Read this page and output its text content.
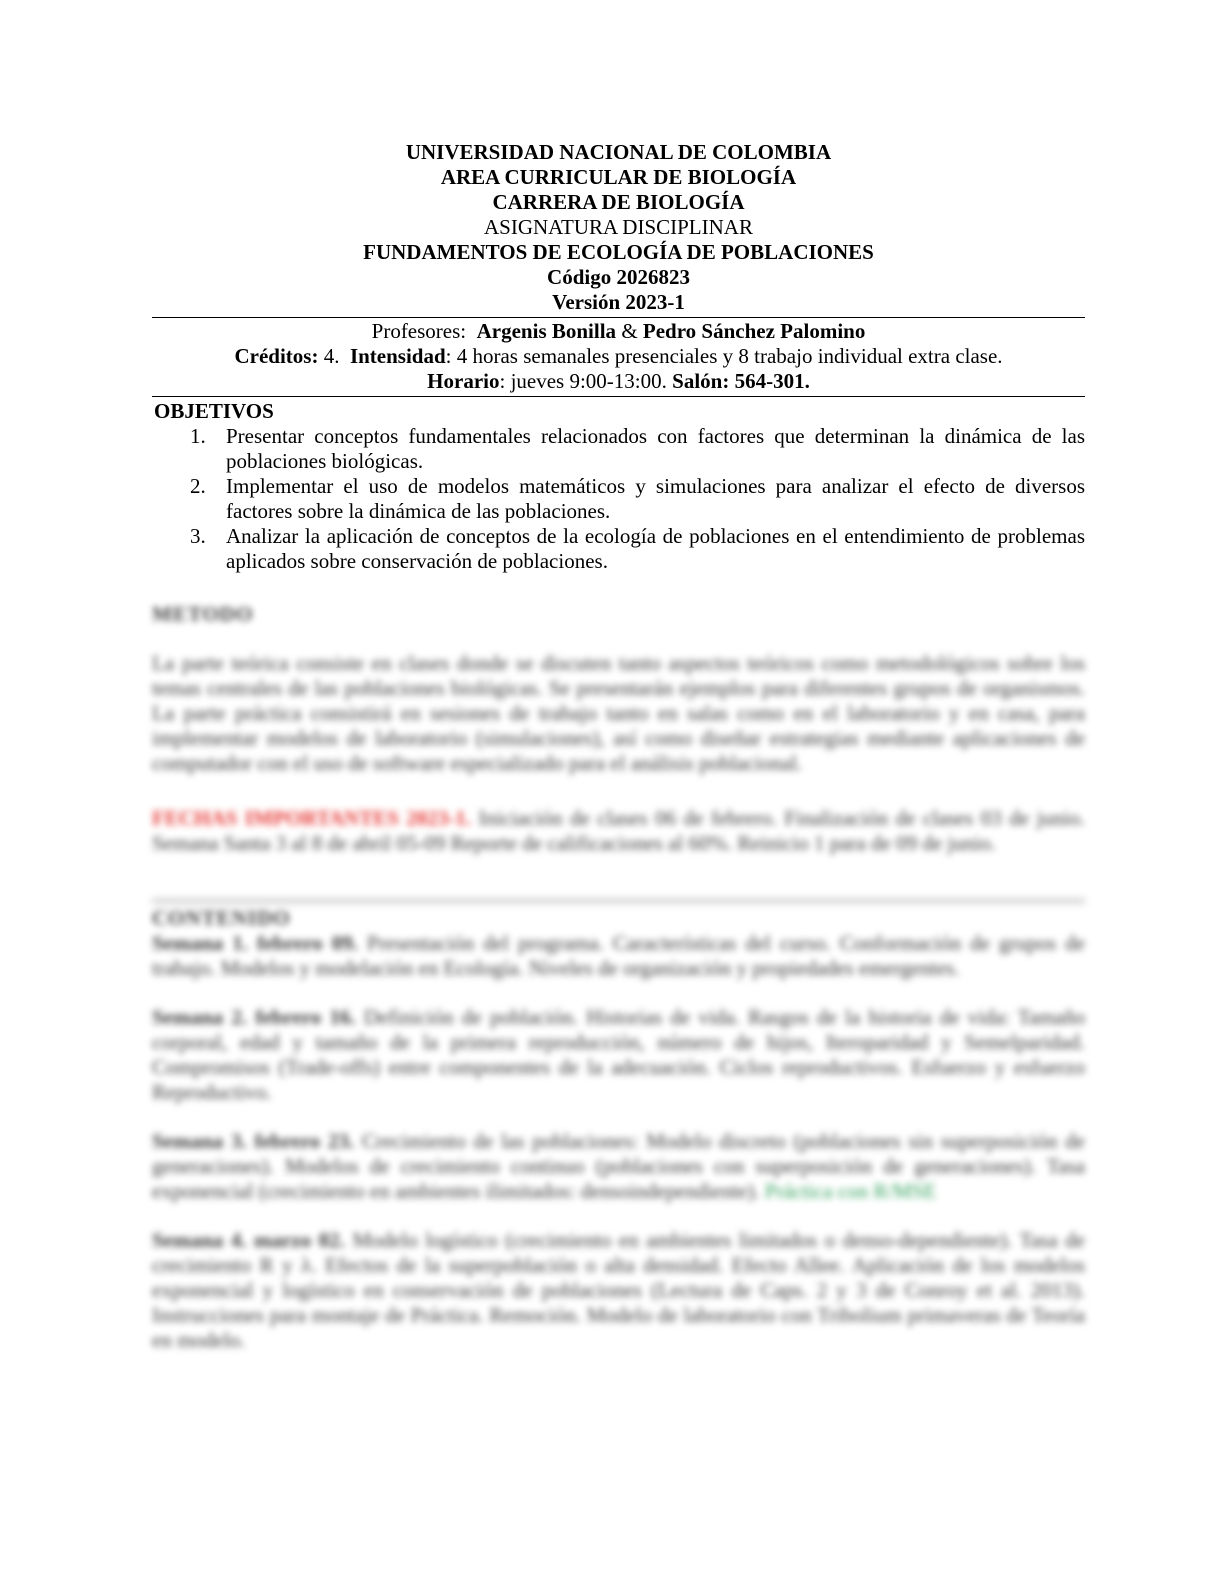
UNIVERSIDAD NACIONAL DE COLOMBIA
AREA CURRICULAR DE BIOLOGÍA
CARRERA DE BIOLOGÍA
ASIGNATURA DISCIPLINAR
FUNDAMENTOS DE ECOLOGÍA DE POBLACIONES
Código 2026823
Versión 2023-1
Profesores: Argenis Bonilla & Pedro Sánchez Palomino
Créditos: 4. Intensidad: 4 horas semanales presenciales y 8 trabajo individual extra clase.
Horario: jueves 9:00-13:00. Salón: 564-301.
OBJETIVOS
1. Presentar conceptos fundamentales relacionados con factores que determinan la dinámica de las poblaciones biológicas.
2. Implementar el uso de modelos matemáticos y simulaciones para analizar el efecto de diversos factores sobre la dinámica de las poblaciones.
3. Analizar la aplicación de conceptos de la ecología de poblaciones en el entendimiento de problemas aplicados sobre conservación de poblaciones.
METODO
La parte teórica consiste en clases donde se discuten tanto aspectos teóricos como metodológicos sobre los temas centrales de las poblaciones biológicas. Se presentarán ejemplos para diferentes grupos de organismos. La parte práctica consistirá en sesiones de trabajo tanto en salas como en el laboratorio y en casa, para implementar modelos de laboratorio (simulaciones), así como diseñar estrategias mediante aplicaciones de computador con el uso de software especializado para el análisis poblacional.
FECHAS IMPORTANTES 2023-1. Iniciación de clases 06 de febrero. Finalización de clases 03 de junio. Semana Santa 3 al 8 de abril 05-09 Reporte de calificaciones al 60%. Reinicio 1 para de 09 de junio.
CONTENIDO
Semana 1. febrero 09. Presentación del programa. Características del curso. Conformación de grupos de trabajo. Modelos y modelación en Ecología. Niveles de organización y propiedades emergentes.
Semana 2. febrero 16. Definición de población. Historias de vida. Rasgos de la historia de vida: Tamaño corporal, edad y tamaño de la primera reproducción, número de hijos, Iteroparidad y Semelparidad. Compromisos (Trade-offs) entre componentes de la adecuación. Ciclos reproductivos. Esfuerzo y esfuerzo Reproductivo.
Semana 3. febrero 23. Crecimiento de las poblaciones: Modelo discreto (poblaciones sin superposición de generaciones). Modelos de crecimiento continuo (poblaciones con superposición de generaciones). Tasa exponencial (crecimiento en ambientes ilimitados: densoindependiente). Práctica con R/MSE
Semana 4. marzo 02. Modelo logístico (crecimiento en ambientes limitados o denso-dependiente). Tasa de crecimiento R y λ. Efectos de la superpoblación o alta densidad. Efecto Allee. Aplicación de los modelos exponencial y logístico en conservación de poblaciones (Lectura de Caps. 2 y 3 de Conroy et al. 2013). Instrucciones para montaje de Práctica. Remoción. Modelo de laboratorio con Tribolium primaveras de Teoría en modelo.
